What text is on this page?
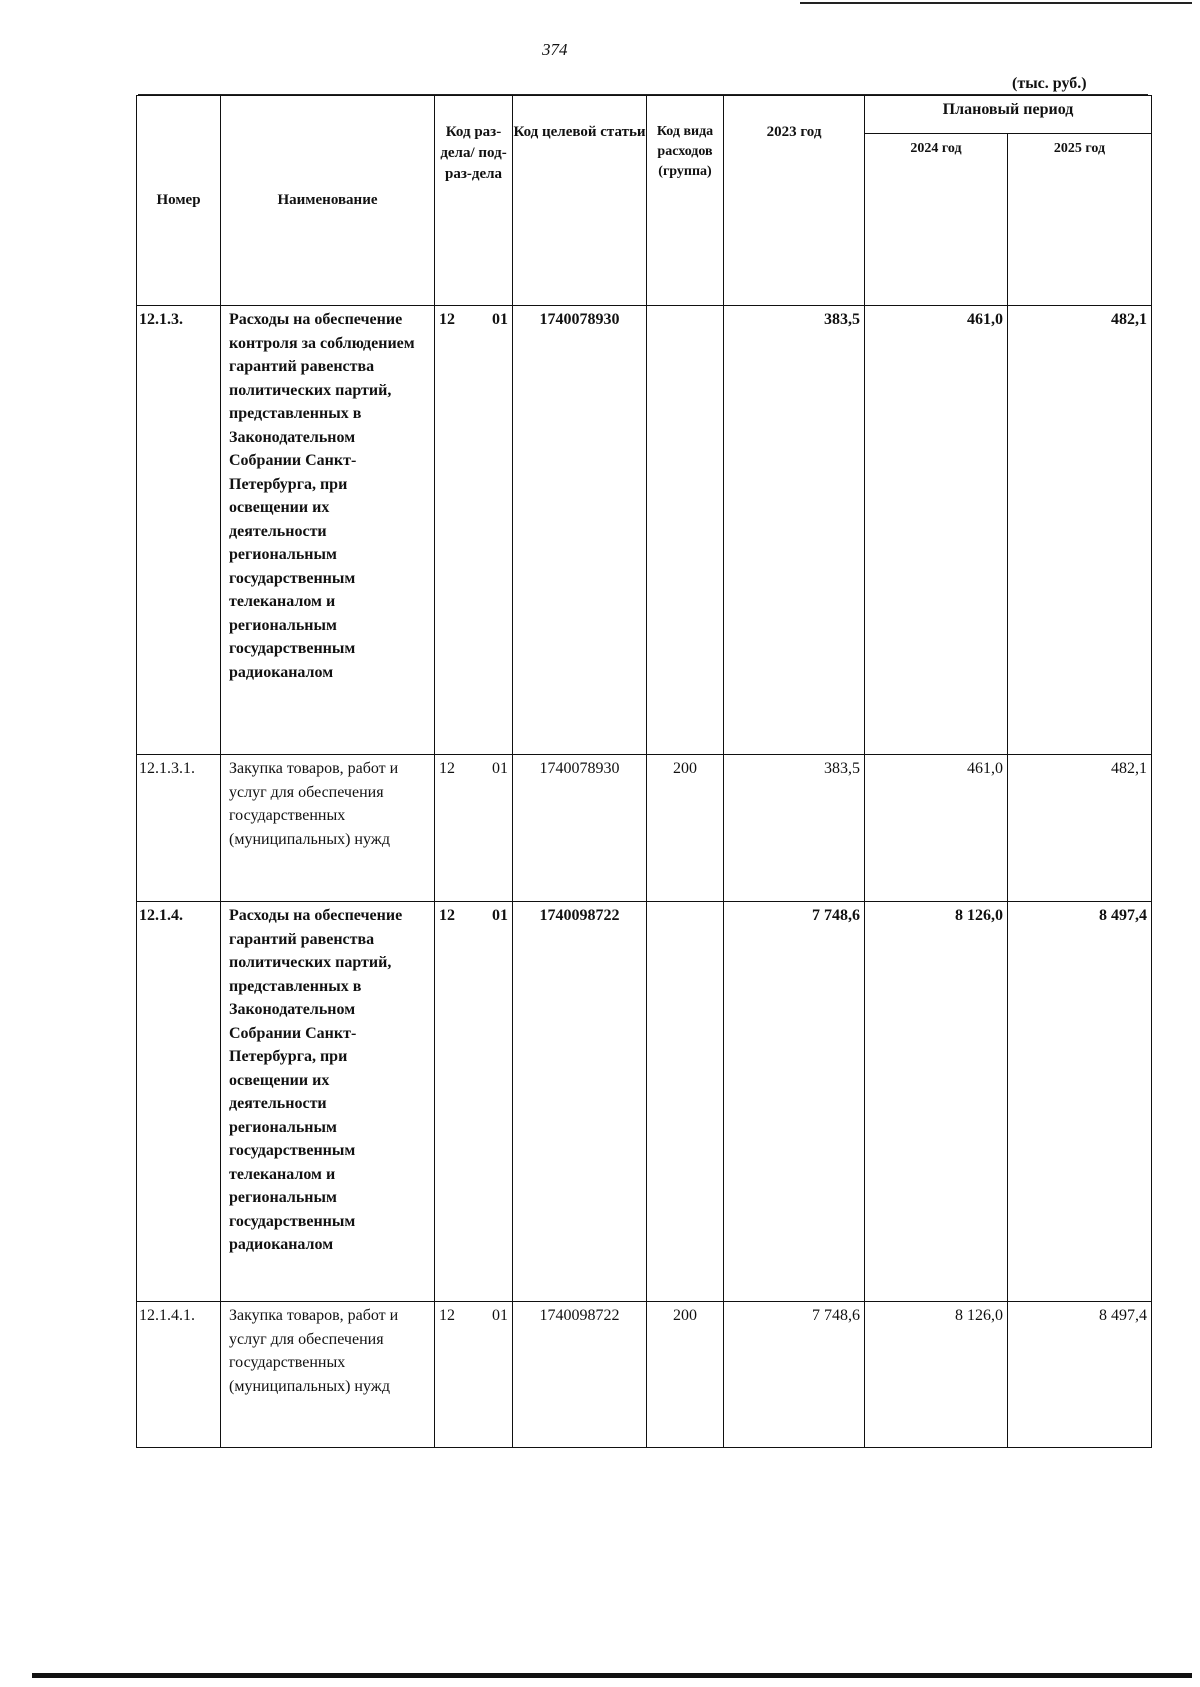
374
(тыс. руб.)
Номер	Наименование	Код раз-дела/ под-раз-дела	Код целевой статьи	Код вида расходов (группа)	2023 год	Плановый период	
						2024 год	2025 год
12.1.3.	Расходы на обеспечение контроля за соблюдением гарантий равенства политических партий, представленных в Законодательном Собрании Санкт-Петербурга, при освещении их деятельности региональным государственным телеканалом и региональным государственным радиоканалом	12 01	1740078930		383,5	461,0	482,1
12.1.3.1.	Закупка товаров, работ и услуг для обеспечения государственных (муниципальных) нужд	12 01	1740078930	200	383,5	461,0	482,1
12.1.4.	Расходы на обеспечение гарантий равенства политических партий, представленных в Законодательном Собрании Санкт-Петербурга, при освещении их деятельности региональным государственным телеканалом и региональным государственным радиоканалом	12 01	1740098722		7 748,6	8 126,0	8 497,4
12.1.4.1.	Закупка товаров, работ и услуг для обеспечения государственных (муниципальных) нужд	12 01	1740098722	200	7 748,6	8 126,0	8 497,4
